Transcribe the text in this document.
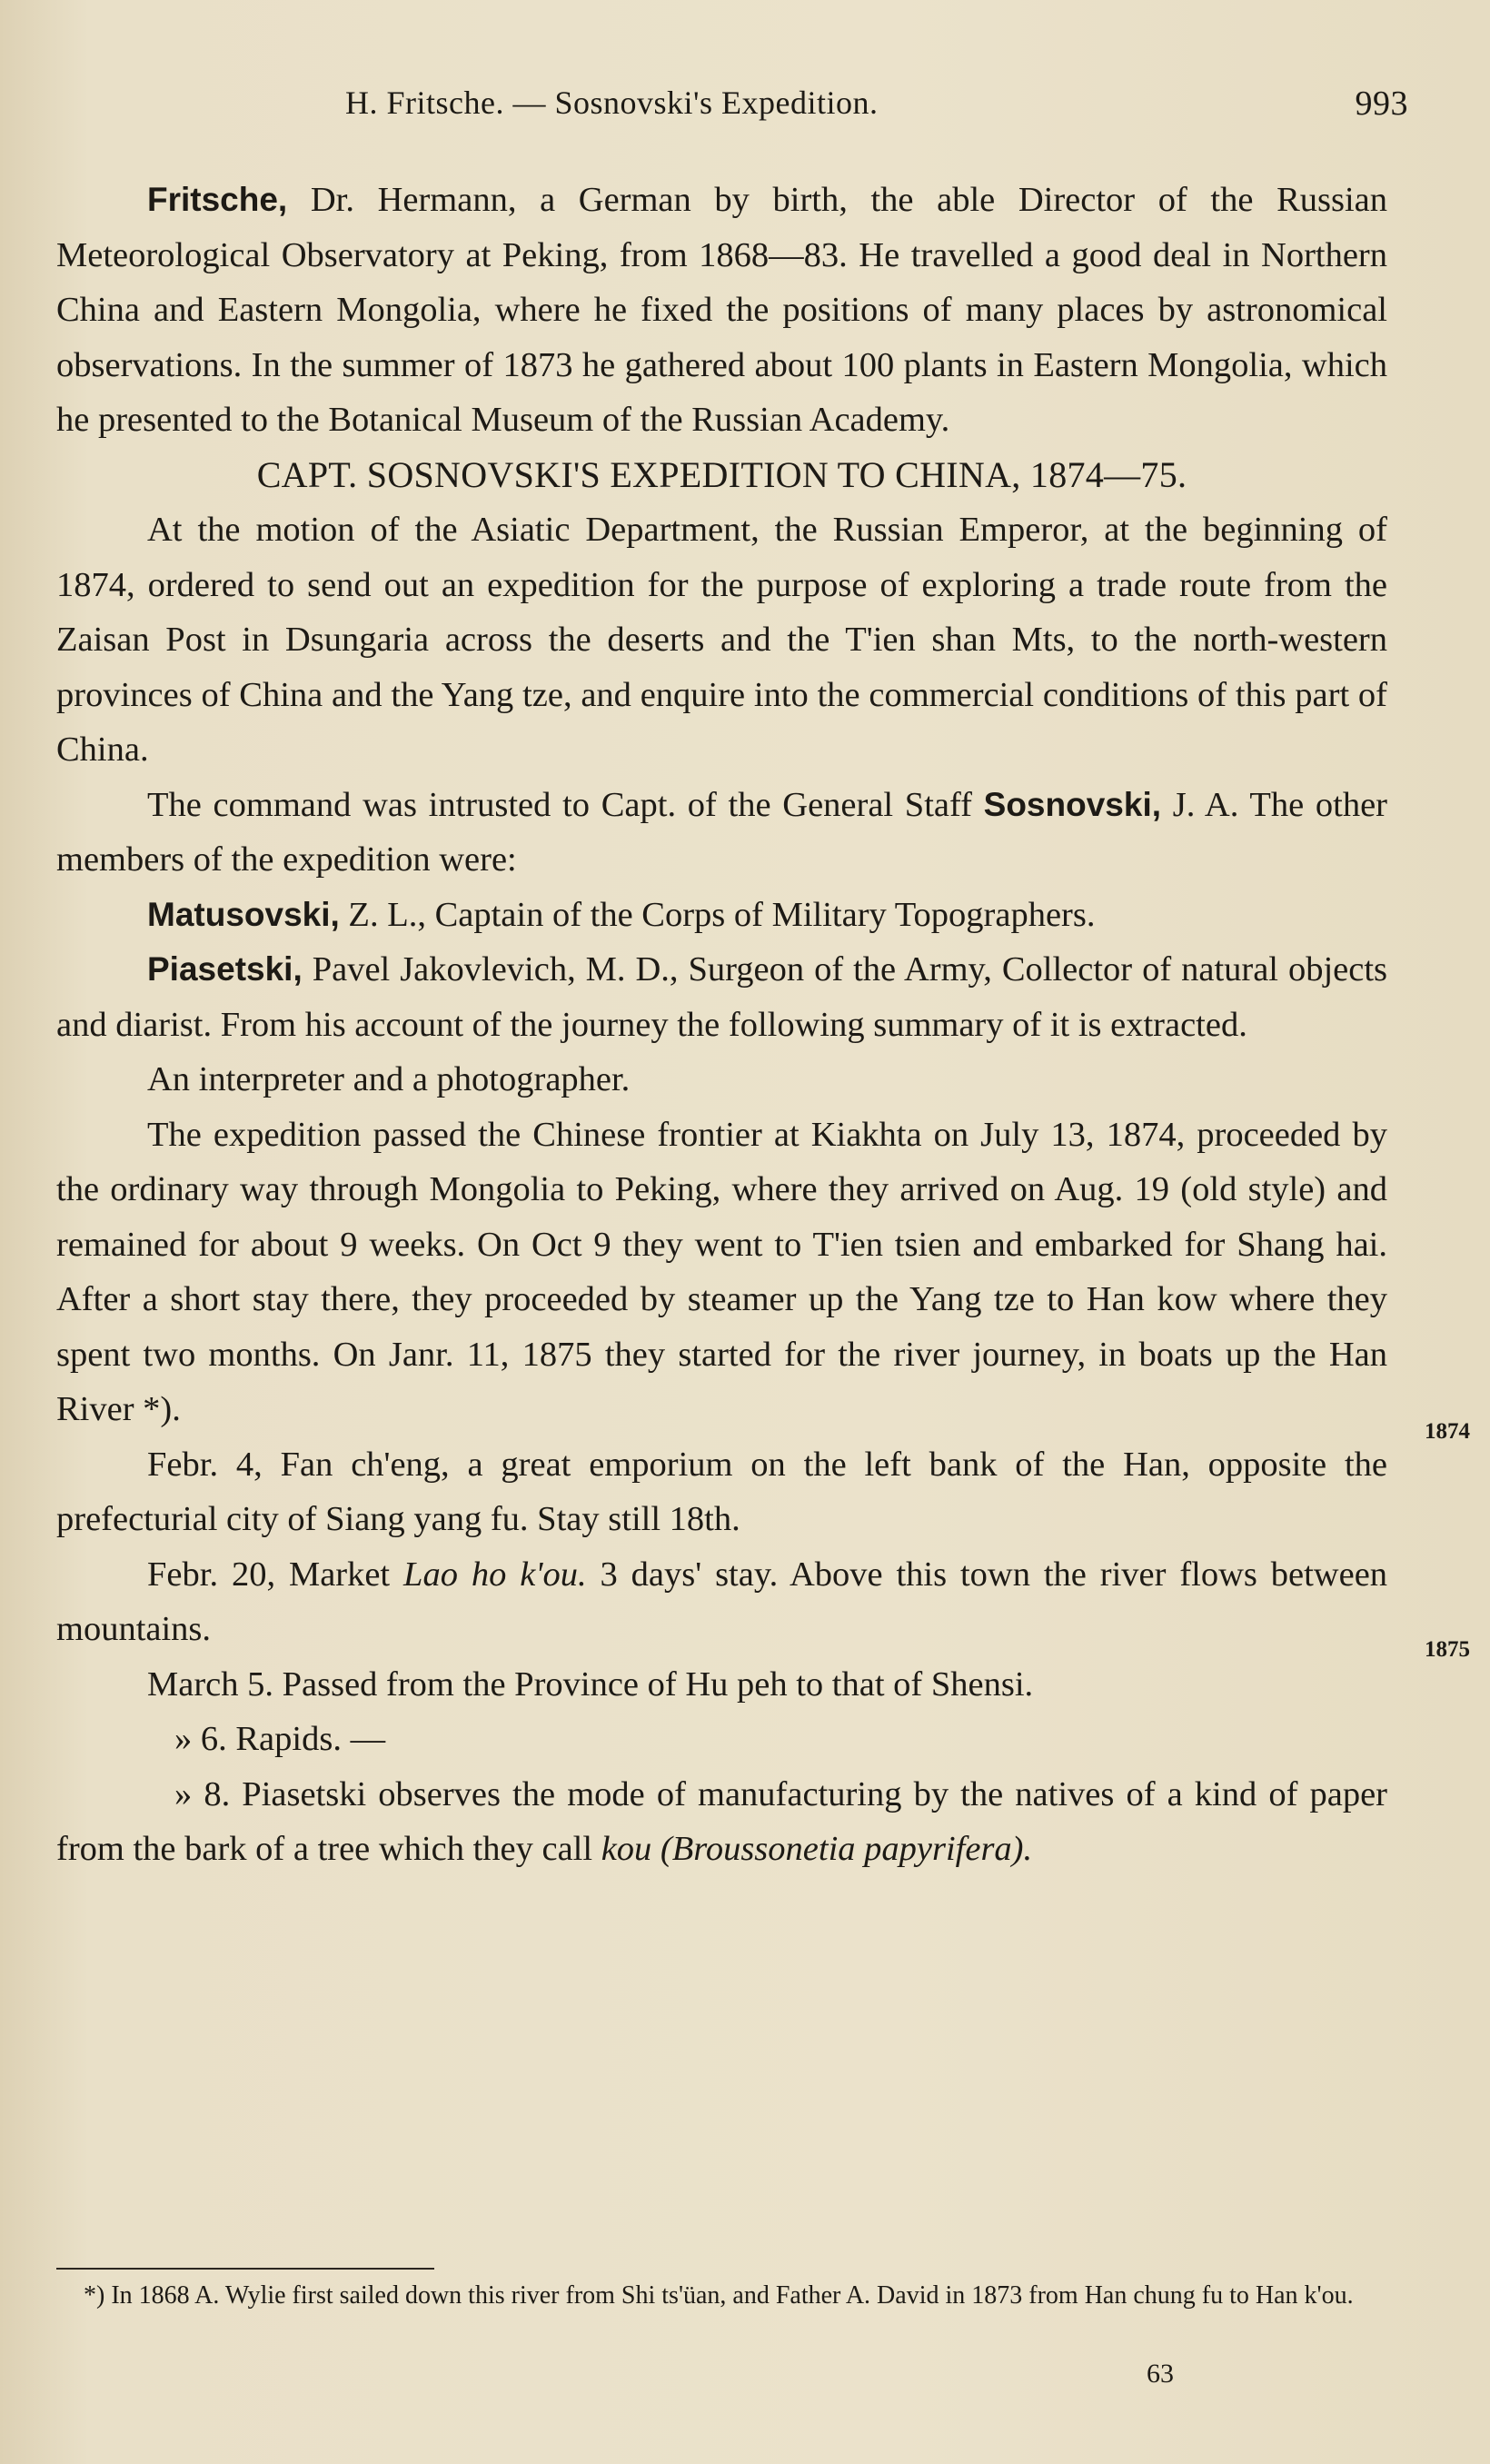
H. Fritsche. — Sosnovski's Expedition.	993

Fritsche, Dr. Hermann, a German by birth, the able Director of the Russian Meteorological Observatory at Peking, from 1868—83. He travelled a good deal in Northern China and Eastern Mongolia, where he fixed the positions of many places by astronomical observations. In the summer of 1873 he gathered about 100 plants in Eastern Mongolia, which he presented to the Botanical Museum of the Russian Academy.

CAPT. SOSNOVSKI'S EXPEDITION TO CHINA, 1874—75.

At the motion of the Asiatic Department, the Russian Emperor, at the beginning of 1874, ordered to send out an expedition for the purpose of exploring a trade route from the Zaisan Post in Dsungaria across the deserts and the T'ien shan Mts, to the north-western provinces of China and the Yang tze, and enquire into the commercial conditions of this part of China.

The command was intrusted to Capt. of the General Staff Sosnovski, J. A. The other members of the expedition were:

Matusovski, Z. L., Captain of the Corps of Military Topographers.

Piasetski, Pavel Jakovlevich, M. D., Surgeon of the Army, Collector of natural objects and diarist. From his account of the journey the following summary of it is extracted.

An interpreter and a photographer.

The expedition passed the Chinese frontier at Kiakhta on July 13, 1874, proceeded by the ordinary way through Mongolia to Peking, where they arrived on Aug. 19 (old style) and remained for about 9 weeks. On Oct 9 they went to T'ien tsien and embarked for Shang hai. After a short stay there, they proceeded by steamer up the Yang tze to Han kow where they spent two months. On Janr. 11, 1875 they started for the river journey, in boats up the Han River *).

Febr. 4, Fan ch'eng, a great emporium on the left bank of the Han, opposite the prefecturial city of Siang yang fu. Stay still 18th.

Febr. 20, Market Lao ho k'ou. 3 days' stay. Above this town the river flows between mountains.

March 5. Passed from the Province of Hu peh to that of Shensi.

» 6. Rapids. —

» 8. Piasetski observes the mode of manufacturing by the natives of a kind of paper from the bark of a tree which they call kou (Broussonetia papyrifera).

1874
1875

*) In 1868 A. Wylie first sailed down this river from Shi ts'üan, and Father A. David in 1873 from Han chung fu to Han k'ou.

63
